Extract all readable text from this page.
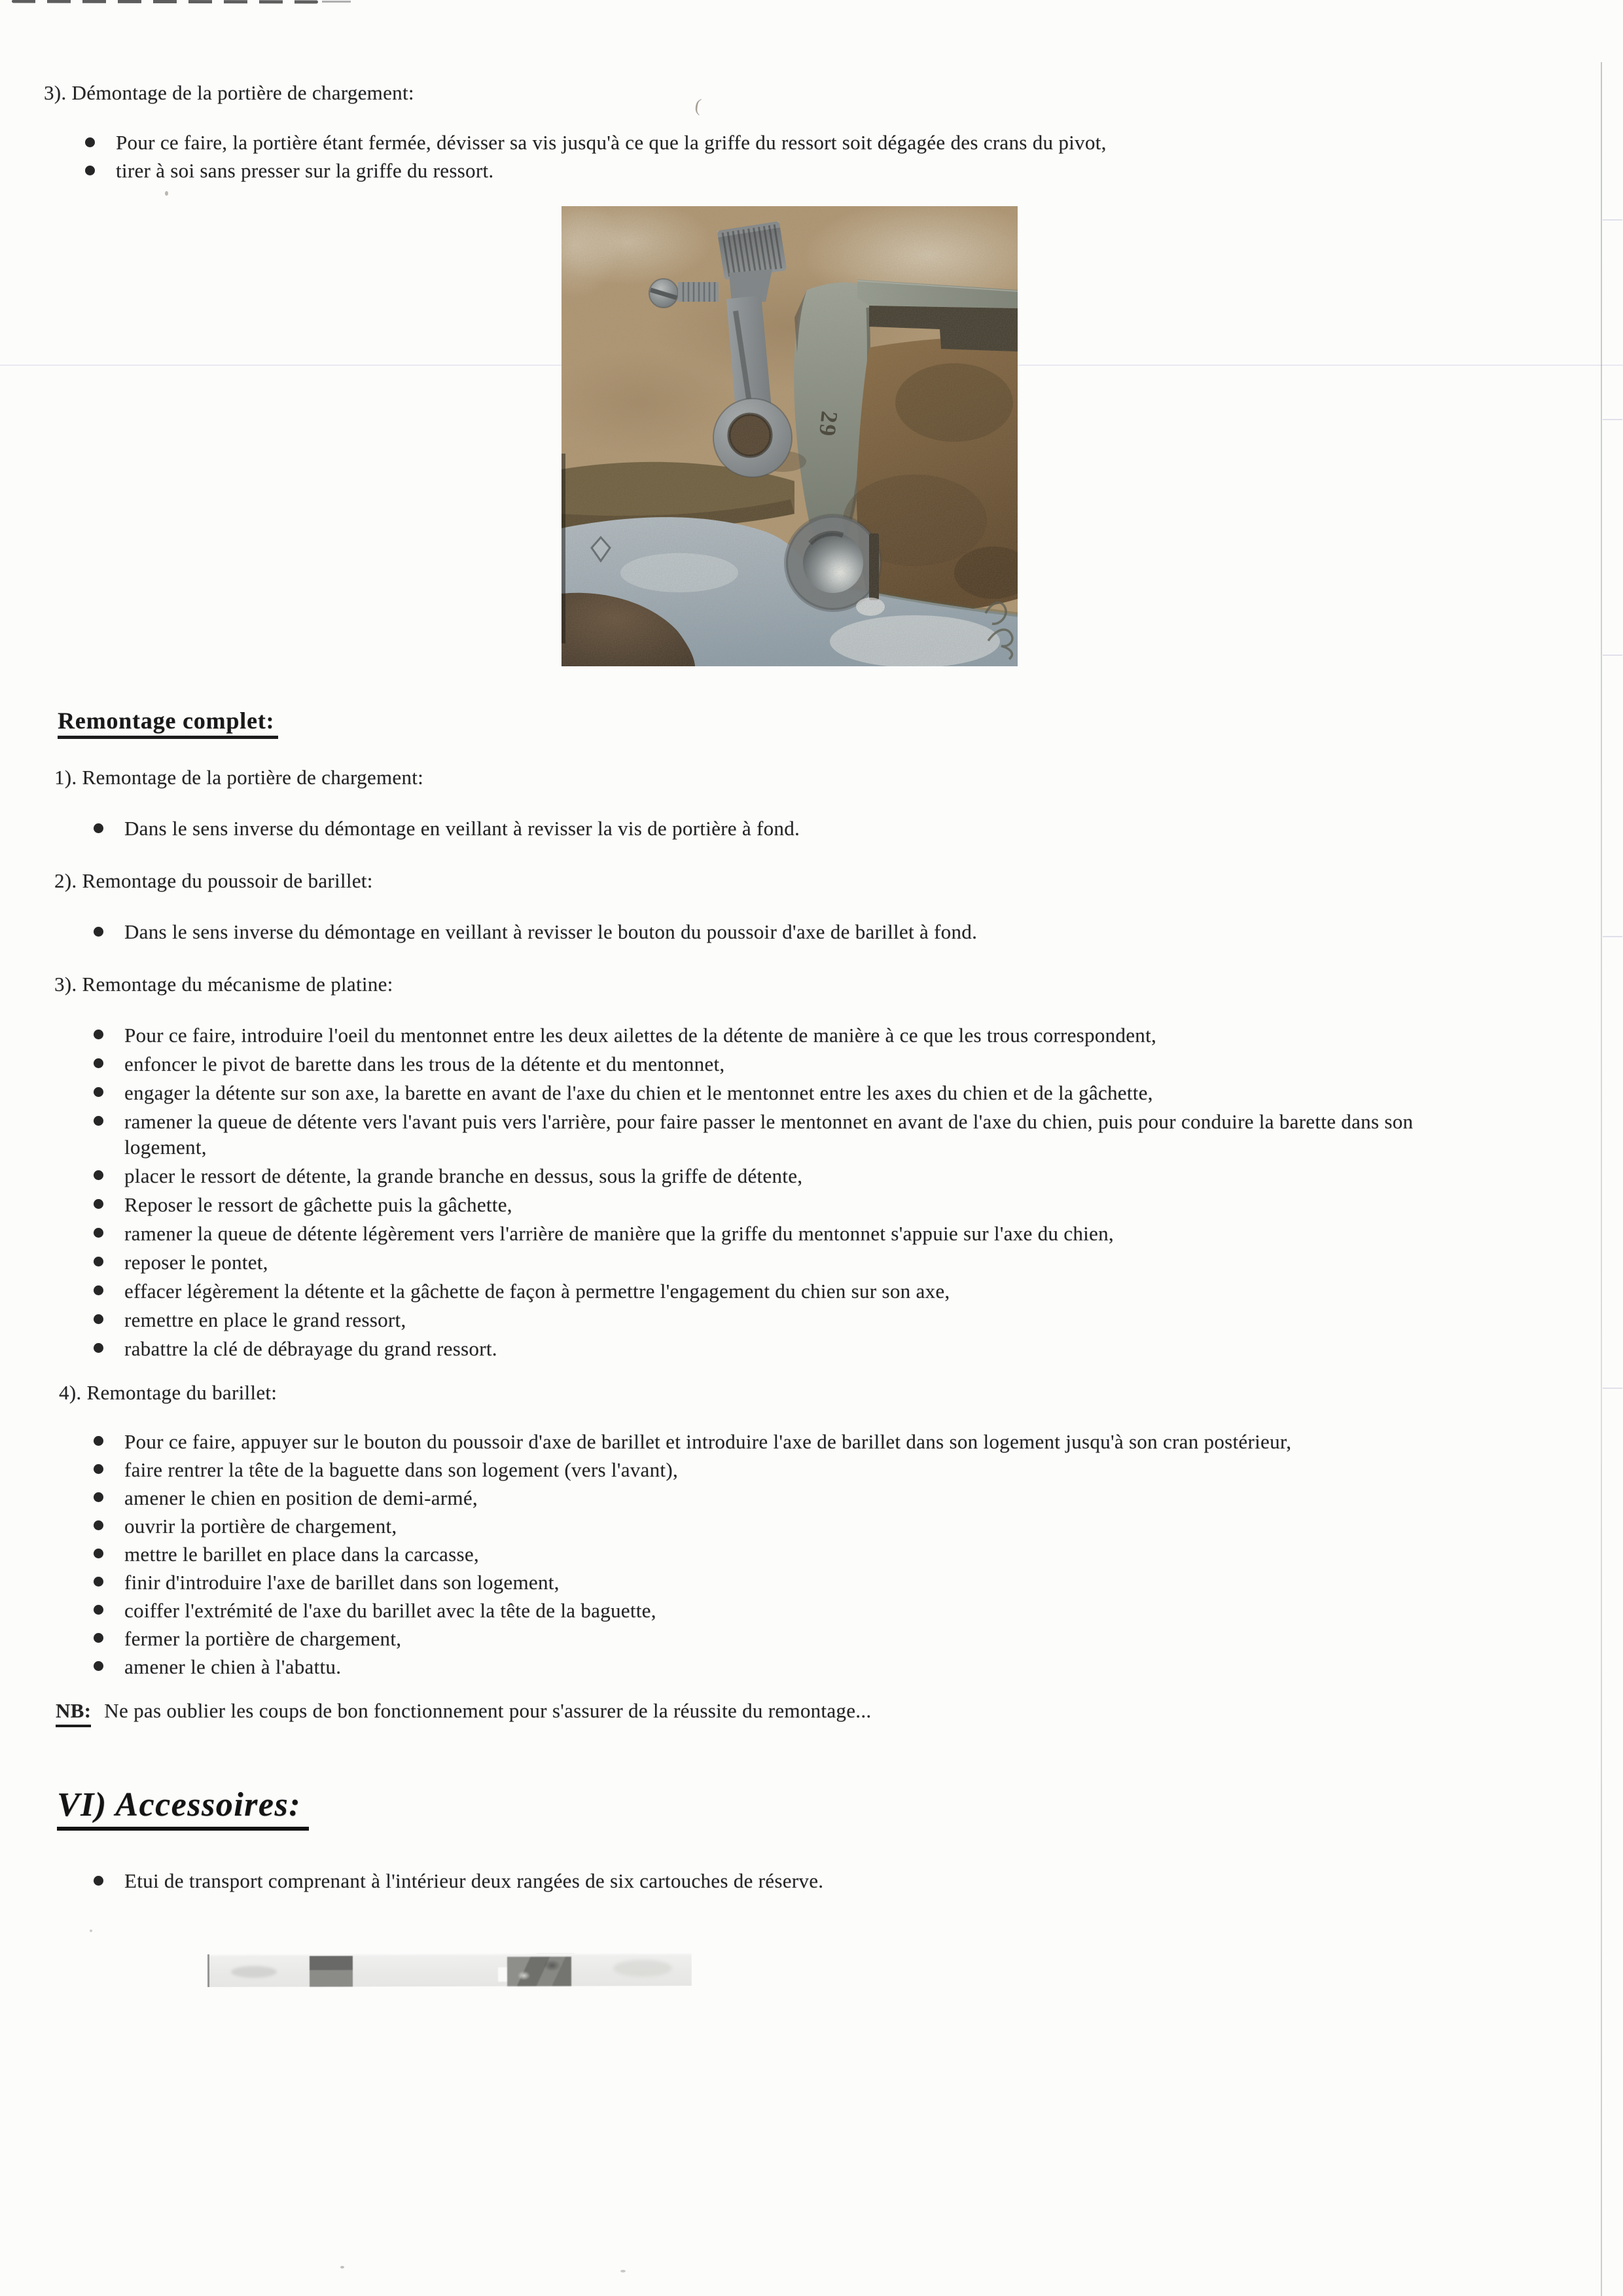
(
3). Démontage de la portière de chargement:
Pour ce faire, la portière étant fermée, dévisser sa vis jusqu'à ce que la griffe du ressort soit dégagée des crans du pivot,
tirer à soi sans presser sur la griffe du ressort.
29
Remontage complet:
1). Remontage de la portière de chargement:
Dans le sens inverse du démontage en veillant à revisser la vis de portière à fond.
2). Remontage du poussoir de barillet:
Dans le sens inverse du démontage en veillant à revisser le bouton du poussoir d'axe de barillet à fond.
3). Remontage du mécanisme de platine:
Pour ce faire, introduire l'oeil du mentonnet entre les deux ailettes de la détente de manière à ce que les trous correspondent,
enfoncer le pivot de barette dans les trous de la détente et du mentonnet,
engager la détente sur son axe, la barette en avant de l'axe du chien et le mentonnet entre les axes du chien et de la gâchette,
ramener la queue de détente vers l'avant puis vers l'arrière, pour faire passer le mentonnet en avant de l'axe du chien, puis pour conduire la barette dans son logement,
placer le ressort de détente, la grande branche en dessus, sous la griffe de détente,
Reposer le ressort de gâchette puis la gâchette,
ramener la queue de détente légèrement vers l'arrière de manière que la griffe du mentonnet s'appuie sur l'axe du chien,
reposer le pontet,
effacer légèrement la détente et la gâchette de façon à permettre l'engagement du chien sur son axe,
remettre en place le grand ressort,
rabattre la clé de débrayage du grand ressort.
4). Remontage du barillet:
Pour ce faire, appuyer sur le bouton du poussoir d'axe de barillet et introduire l'axe de barillet dans son logement jusqu'à son cran postérieur,
faire rentrer la tête de la baguette dans son logement (vers l'avant),
amener le chien en position de demi-armé,
ouvrir la portière de chargement,
mettre le barillet en place dans la carcasse,
finir d'introduire l'axe de barillet dans son logement,
coiffer l'extrémité de l'axe du barillet avec la tête de la baguette,
fermer la portière de chargement,
amener le chien à l'abattu.
NB: Ne pas oublier les coups de bon fonctionnement pour s'assurer de la réussite du remontage...
VI) Accessoires:
Etui de transport comprenant à l'intérieur deux rangées de six cartouches de réserve.
